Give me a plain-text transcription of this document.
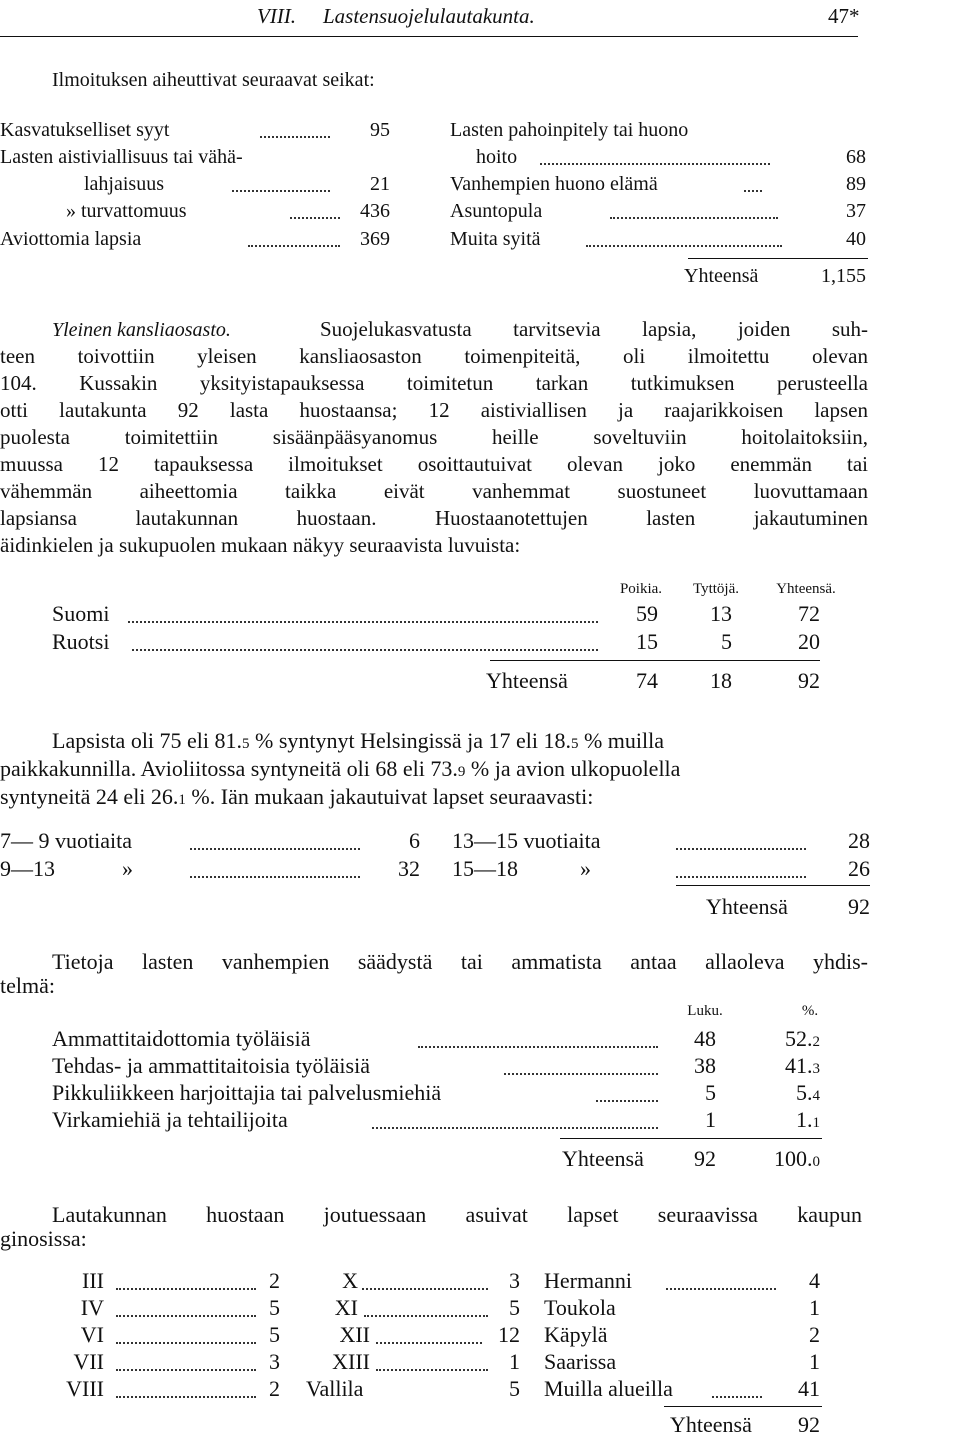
VIII. Lastensuojelulautakunta.	47*
Ilmoituksen aiheuttivat seuraavat seikat:
Kasvatukselliset syyt	95
Lasten aistiviallisuus tai vähä-
lahjaisuus	21
» turvattomuus	436
Aviottomia lapsia	369
Lasten pahoinpitely tai huono
hoito	68
Vanhempien huono elämä	89
Asuntopula	37
Muita syitä	40
Yhteensä	1,155
Yleinen kansliaosasto.	Suojelukasvatusta tarvitsevia lapsia, joiden suh-
teen toivottiin yleisen kansliaosaston toimenpiteitä, oli ilmoitettu olevan
104. Kussakin yksityistapauksessa toimitetun tarkan tutkimuksen perusteella
otti lautakunta 92 lasta huostaansa; 12 aistiviallisen ja raajarikkoisen lapsen
puolesta toimitettiin sisäänpääsyanomus heille soveltuviin hoitolaitoksiin,
muussa 12 tapauksessa ilmoitukset osoittautuivat olevan joko enemmän tai
vähemmän aiheettomia taikka eivät vanhemmat suostuneet luovuttamaan
lapsiansa lautakunnan huostaan. Huostaanotettujen lasten jakautuminen
äidinkielen ja sukupuolen mukaan näkyy seuraavista luvuista:
Poikia.	Tyttöjä.	Yhteensä.
Suomi	59	13	72
Ruotsi	15	5	20
Yhteensä	74	18	92
Lapsista oli 75 eli 81.5 % syntynyt Helsingissä ja 17 eli 18.5 % muilla
paikkakunnilla. Avioliitossa syntyneitä oli 68 eli 73.9 % ja avion ulkopuolella
syntyneitä 24 eli 26.1 %. Iän mukaan jakautuivat lapset seuraavasti:
7— 9 vuotiaita	6
9—13	»	32
13—15 vuotiaita	28
15—18	»	26
Yhteensä	92
Tietoja lasten vanhempien säädystä tai ammatista antaa allaoleva yhdis-
telmä:
Luku.	%.
Ammattitaidottomia työläisiä	48	52.2
Tehdas- ja ammattitaitoisia työläisiä	38	41.3
Pikkuliikkeen harjoittajia tai palvelusmiehiä	5	5.4
Virkamiehiä ja tehtailijoita	1	1.1
Yhteensä	92	100.0
Lautakunnan huostaan joutuessaan asuivat lapset seuraavissa kaupun
ginosissa:
III	2
IV	5
VI	5
VII	3
VIII	2
X	3
XI	5
XII	12
XIII	1
Vallila	5
Hermanni	4
Toukola	1
Käpylä	2
Saarissa	1
Muilla alueilla	41
Yhteensä	92
